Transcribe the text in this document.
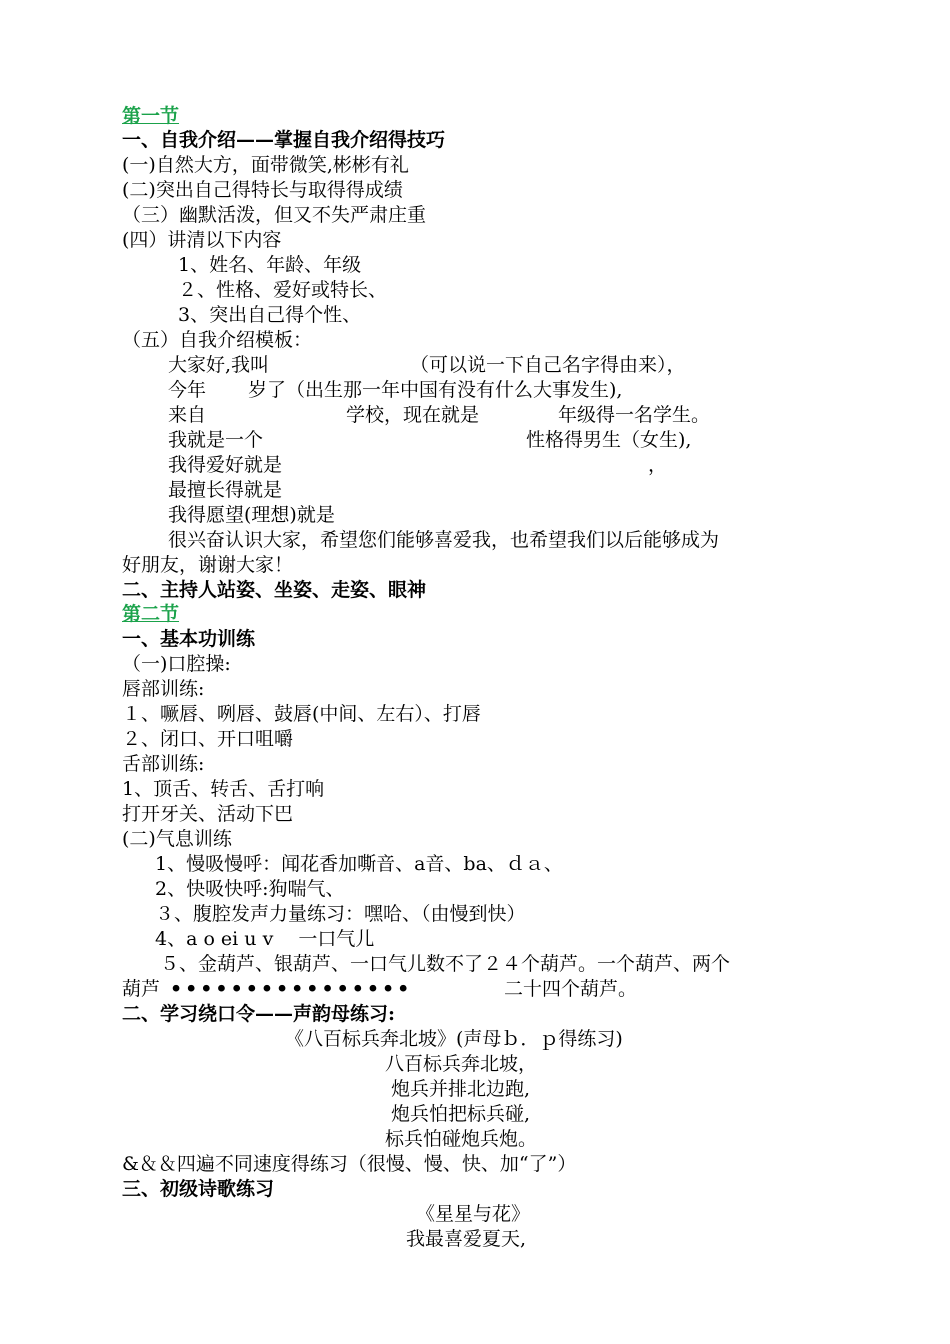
第一节
一、自我介绍——掌握自我介绍得技巧
(一)自然大方，面带微笑,彬彬有礼
(二)突出自己得特长与取得得成绩
（三）幽默活泼，但又不失严肃庄重
(四）讲清以下内容
1、姓名、年龄、年级
２、性格、爱好或特长、
3、突出自己得个性、
（五）自我介绍模板：
大家好,我叫	（可以说一下自己名字得由来），
今年 岁了（出生那一年中国有没有什么大事发生),
来自	学校，现在就是	年级得一名学生。
我就是一个	性格得男生（女生),
我得爱好就是	，
最擅长得就是
我得愿望(理想)就是
很兴奋认识大家，希望您们能够喜爱我，也希望我们以后能够成为
好朋友，谢谢大家！
二、主持人站姿、坐姿、走姿、眼神
第二节
一、基本功训练
（一)口腔操:
唇部训练:
１、噘唇、咧唇、鼓唇(中间、左右）、打唇
２、闭口、开口咀嚼
舌部训练:
1、顶舌、转舌、舌打响
打开牙关、活动下巴
(二)气息训练
1、慢吸慢呼：闻花香加嘶音、a音、ba、ｄａ、
2、快吸快呼:狗喘气、
３、腹腔发声力量练习：嘿哈、（由慢到快）
4、a o ei u v　 一口气儿
５、金葫芦、银葫芦、一口气儿数不了２４个葫芦。一个葫芦、两个
葫芦 ••••••••••••••••	二十四个葫芦。
二、学习绕口令——声韵母练习:
《八百标兵奔北坡》(声母ｂ．ｐ得练习)
八百标兵奔北坡，
炮兵并排北边跑,
炮兵怕把标兵碰,
标兵怕碰炮兵炮。
&＆＆四遍不同速度得练习（很慢、慢、快、加“了”）
三、初级诗歌练习
《星星与花》
我最喜爱夏天,
